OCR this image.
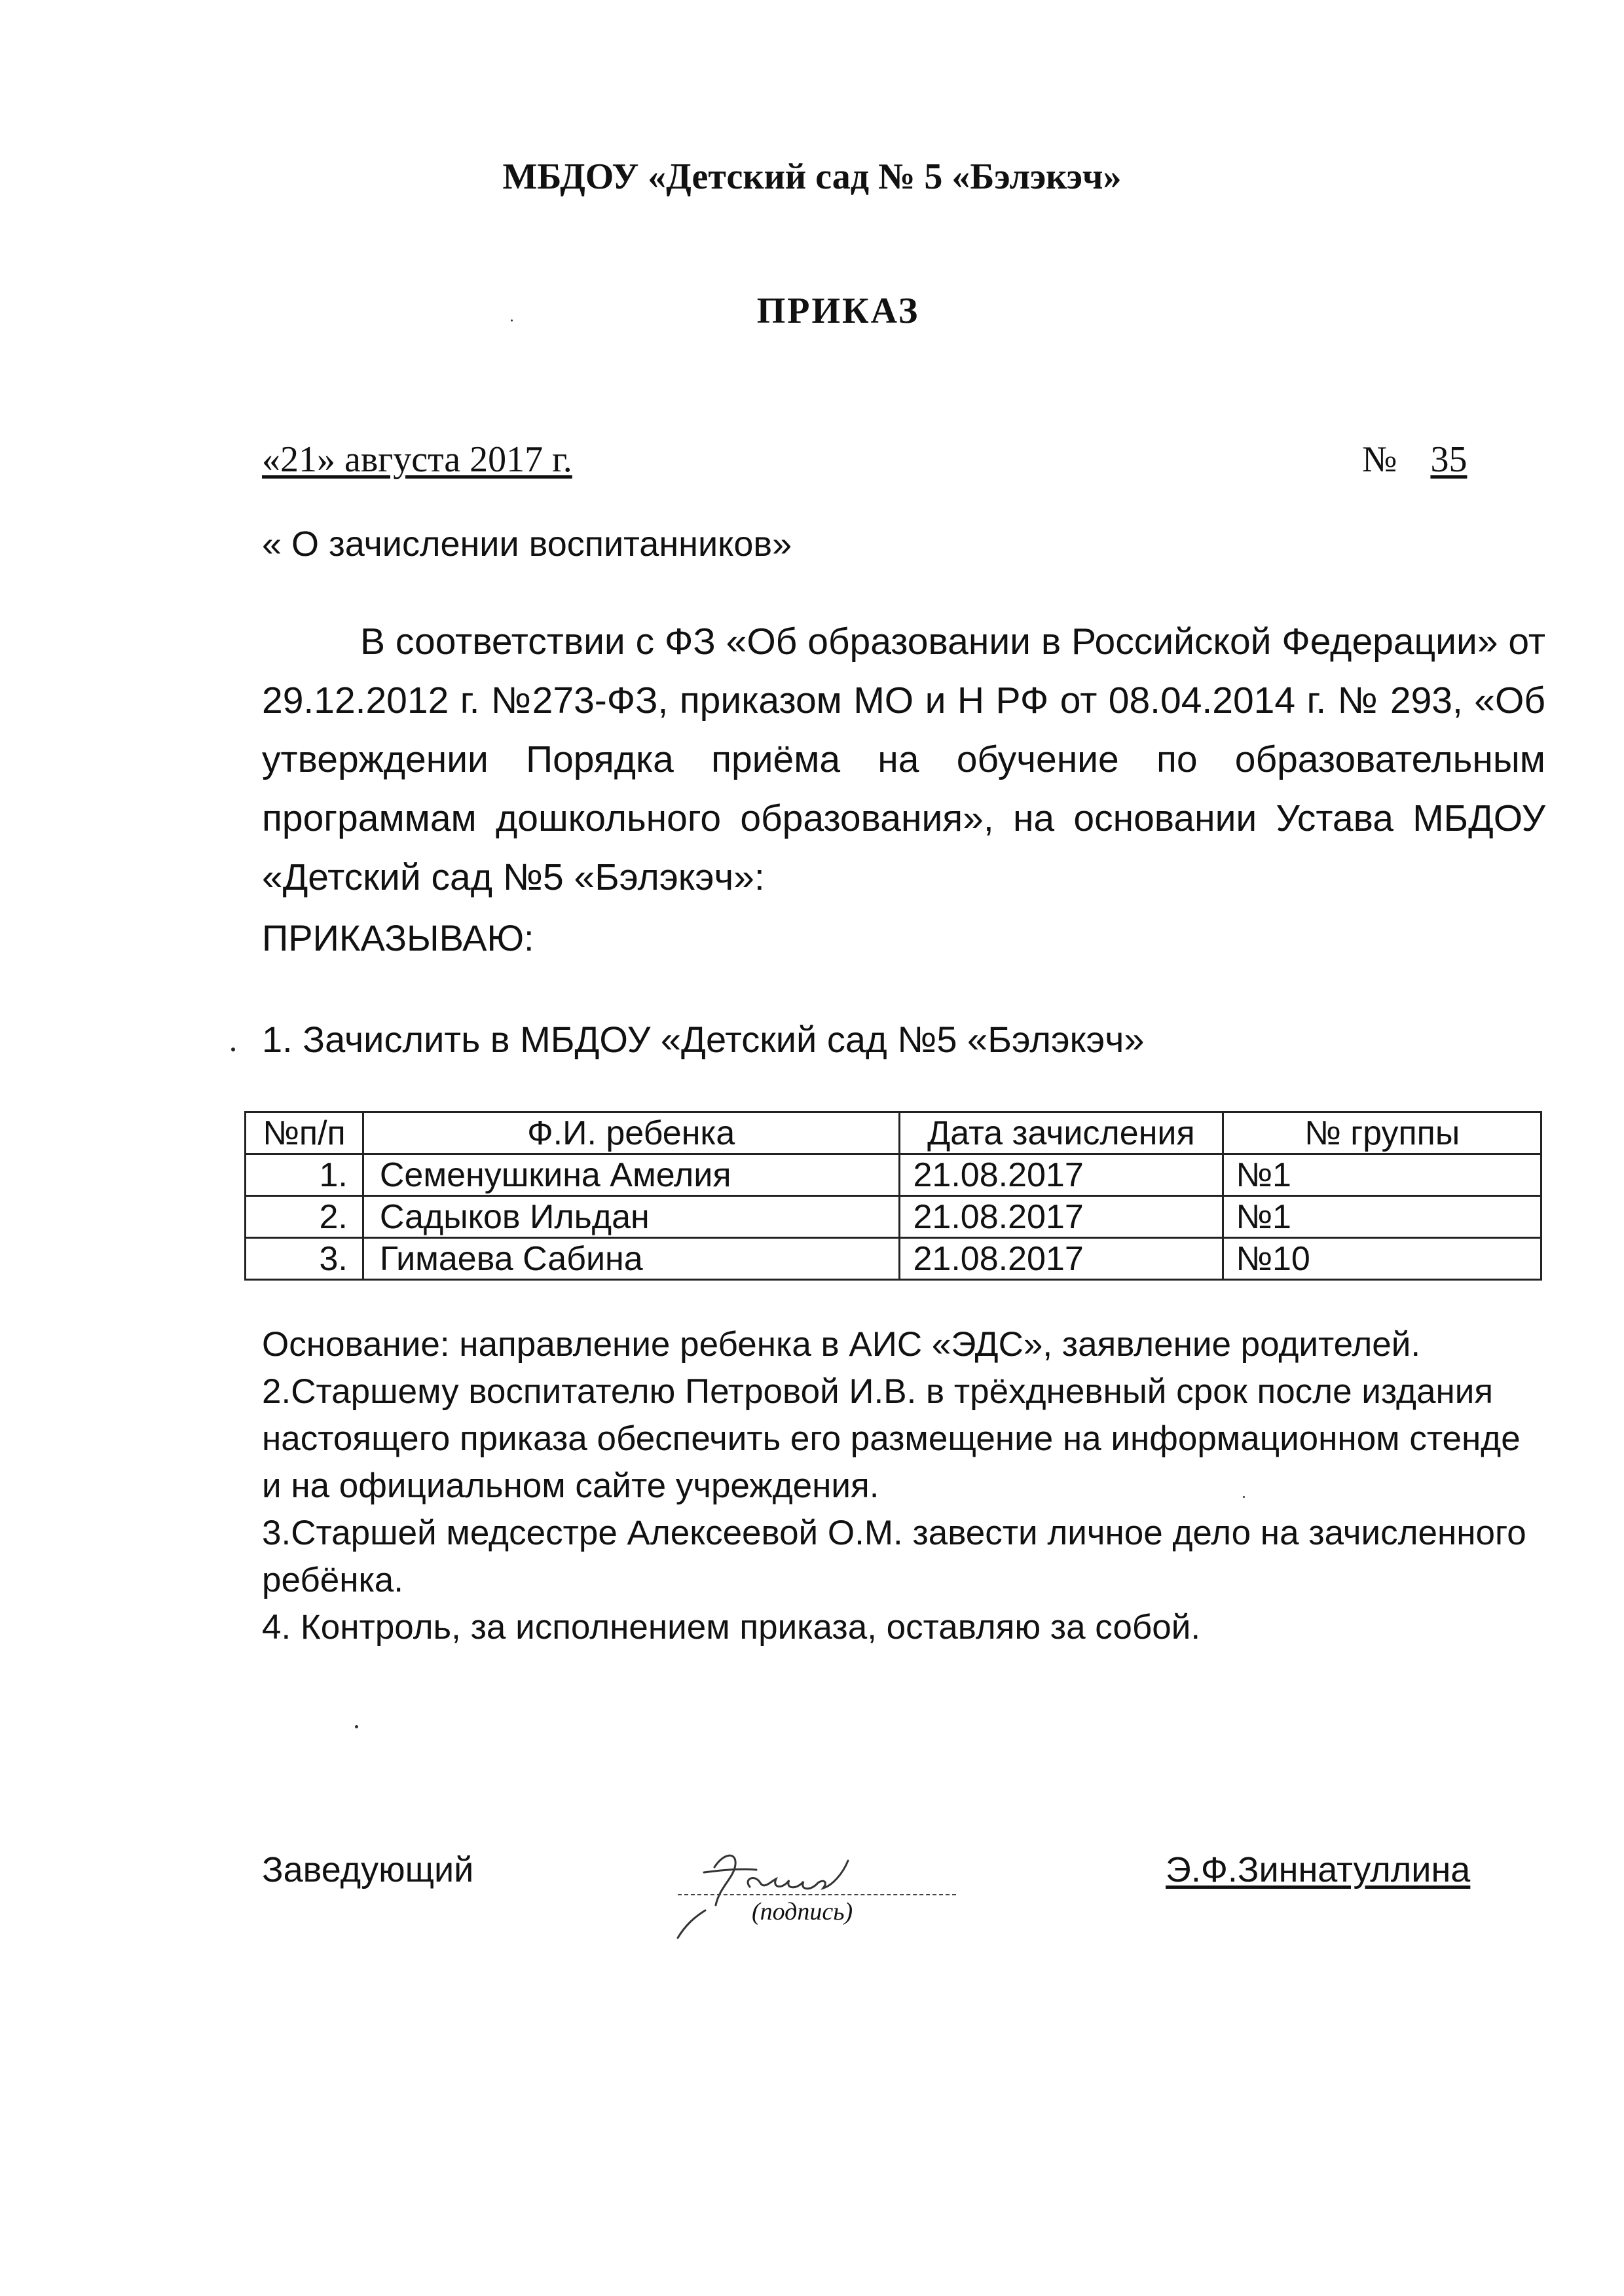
МБДОУ «Детский сад № 5 «Бэлэкэч»
ПРИКАЗ
«21» августа 2017 г.	№ 35
« О зачислении воспитанников»
В соответствии с ФЗ «Об образовании в Российской Федерации» от 29.12.2012 г. №273-ФЗ, приказом МО и Н РФ от 08.04.2014 г. № 293, «Об утверждении Порядка приёма на обучение по образовательным программам дошкольного образования», на основании Устава МБДОУ «Детский сад №5 «Бэлэкэч»:
ПРИКАЗЫВАЮ:
1. Зачислить в МБДОУ «Детский сад №5 «Бэлэкэч»
№п/п	Ф.И. ребенка	Дата зачисления	№ группы
1.	Семенушкина Амелия	21.08.2017	№1
2.	Садыков Ильдан	21.08.2017	№1
3.	Гимаева Сабина	21.08.2017	№10

Основание: направление ребенка в АИС «ЭДС», заявление родителей.

2.Старшему воспитателю Петровой И.В. в трёхдневный срок после издания настоящего приказа обеспечить его размещение на информационном стенде и на официальном сайте учреждения.

3.Старшей медсестре Алексеевой О.М. завести личное дело на зачисленного ребёнка.

4. Контроль, за исполнением приказа, оставляю за собой.

Заведующий
(подпись)
Э.Ф.Зиннатуллина
